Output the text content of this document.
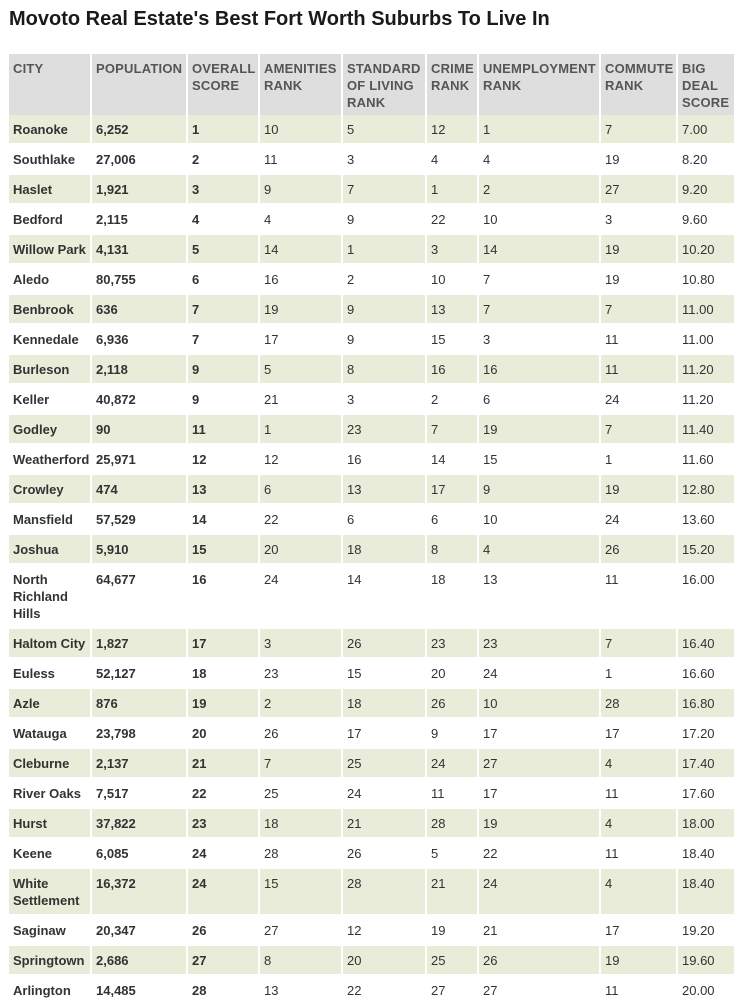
Movoto Real Estate's Best Fort Worth Suburbs To Live In
CITY	POPULATION	OVERALL SCORE	AMENITIES RANK	STANDARD OF LIVING RANK	CRIME RANK	UNEMPLOYMENT RANK	COMMUTE RANK	BIG DEAL SCORE
Roanoke	6,252	1	10	5	12	1	7	7.00
Southlake	27,006	2	11	3	4	4	19	8.20
Haslet	1,921	3	9	7	1	2	27	9.20
Bedford	2,115	4	4	9	22	10	3	9.60
Willow Park	4,131	5	14	1	3	14	19	10.20
Aledo	80,755	6	16	2	10	7	19	10.80
Benbrook	636	7	19	9	13	7	7	11.00
Kennedale	6,936	7	17	9	15	3	11	11.00
Burleson	2,118	9	5	8	16	16	11	11.20
Keller	40,872	9	21	3	2	6	24	11.20
Godley	90	11	1	23	7	19	7	11.40
Weatherford	25,971	12	12	16	14	15	1	11.60
Crowley	474	13	6	13	17	9	19	12.80
Mansfield	57,529	14	22	6	6	10	24	13.60
Joshua	5,910	15	20	18	8	4	26	15.20
North Richland Hills	64,677	16	24	14	18	13	11	16.00
Haltom City	1,827	17	3	26	23	23	7	16.40
Euless	52,127	18	23	15	20	24	1	16.60
Azle	876	19	2	18	26	10	28	16.80
Watauga	23,798	20	26	17	9	17	17	17.20
Cleburne	2,137	21	7	25	24	27	4	17.40
River Oaks	7,517	22	25	24	11	17	11	17.60
Hurst	37,822	23	18	21	28	19	4	18.00
Keene	6,085	24	28	26	5	22	11	18.40
White Settlement	16,372	24	15	28	21	24	4	18.40
Saginaw	20,347	26	27	12	19	21	17	19.20
Springtown	2,686	27	8	20	25	26	19	19.60
Arlington	14,485	28	13	22	27	27	11	20.00
